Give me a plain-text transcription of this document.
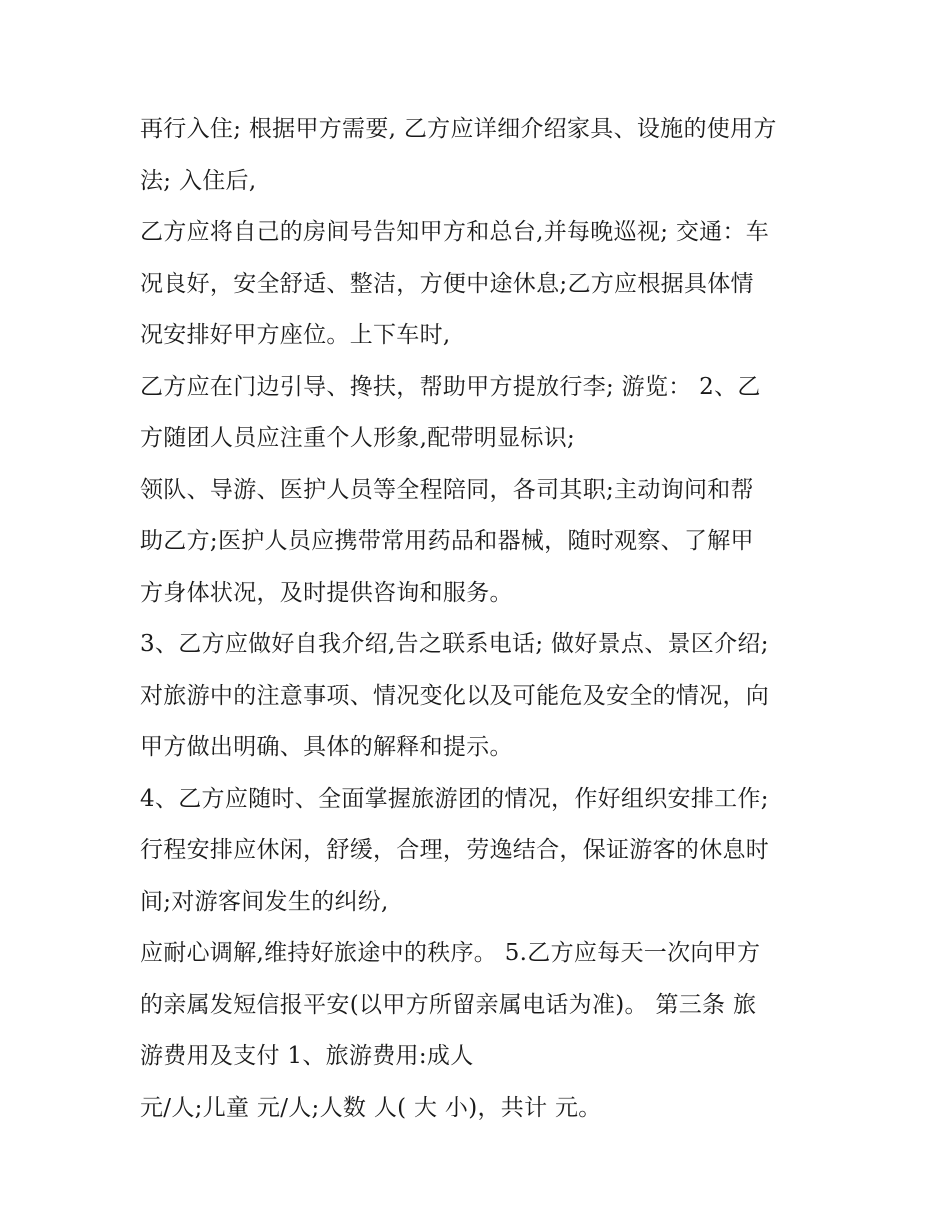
再行入住; 根据甲方需要, 乙方应详细介绍家具、设施的使用方
法; 入住后,
乙方应将自己的房间号告知甲方和总台,并每晚巡视; 交通：车
况良好，安全舒适、整洁，方便中途休息;乙方应根据具体情
况安排好甲方座位。上下车时,
乙方应在门边引导、搀扶，帮助甲方提放行李; 游览： 2、乙
方随团人员应注重个人形象,配带明显标识;
领队、导游、医护人员等全程陪同，各司其职;主动询问和帮
助乙方;医护人员应携带常用药品和器械，随时观察、了解甲
方身体状况，及时提供咨询和服务。
3、乙方应做好自我介绍,告之联系电话; 做好景点、景区介绍;
对旅游中的注意事项、情况变化以及可能危及安全的情况，向
甲方做出明确、具体的解释和提示。
4、乙方应随时、全面掌握旅游团的情况，作好组织安排工作;
行程安排应休闲，舒缓，合理，劳逸结合，保证游客的休息时
间;对游客间发生的纠纷,
应耐心调解,维持好旅途中的秩序。 5.乙方应每天一次向甲方
的亲属发短信报平安(以甲方所留亲属电话为准)。 第三条 旅
游费用及支付 1、旅游费用:成人
元/人;儿童 元/人;人数 人( 大 小)，共计 元。
